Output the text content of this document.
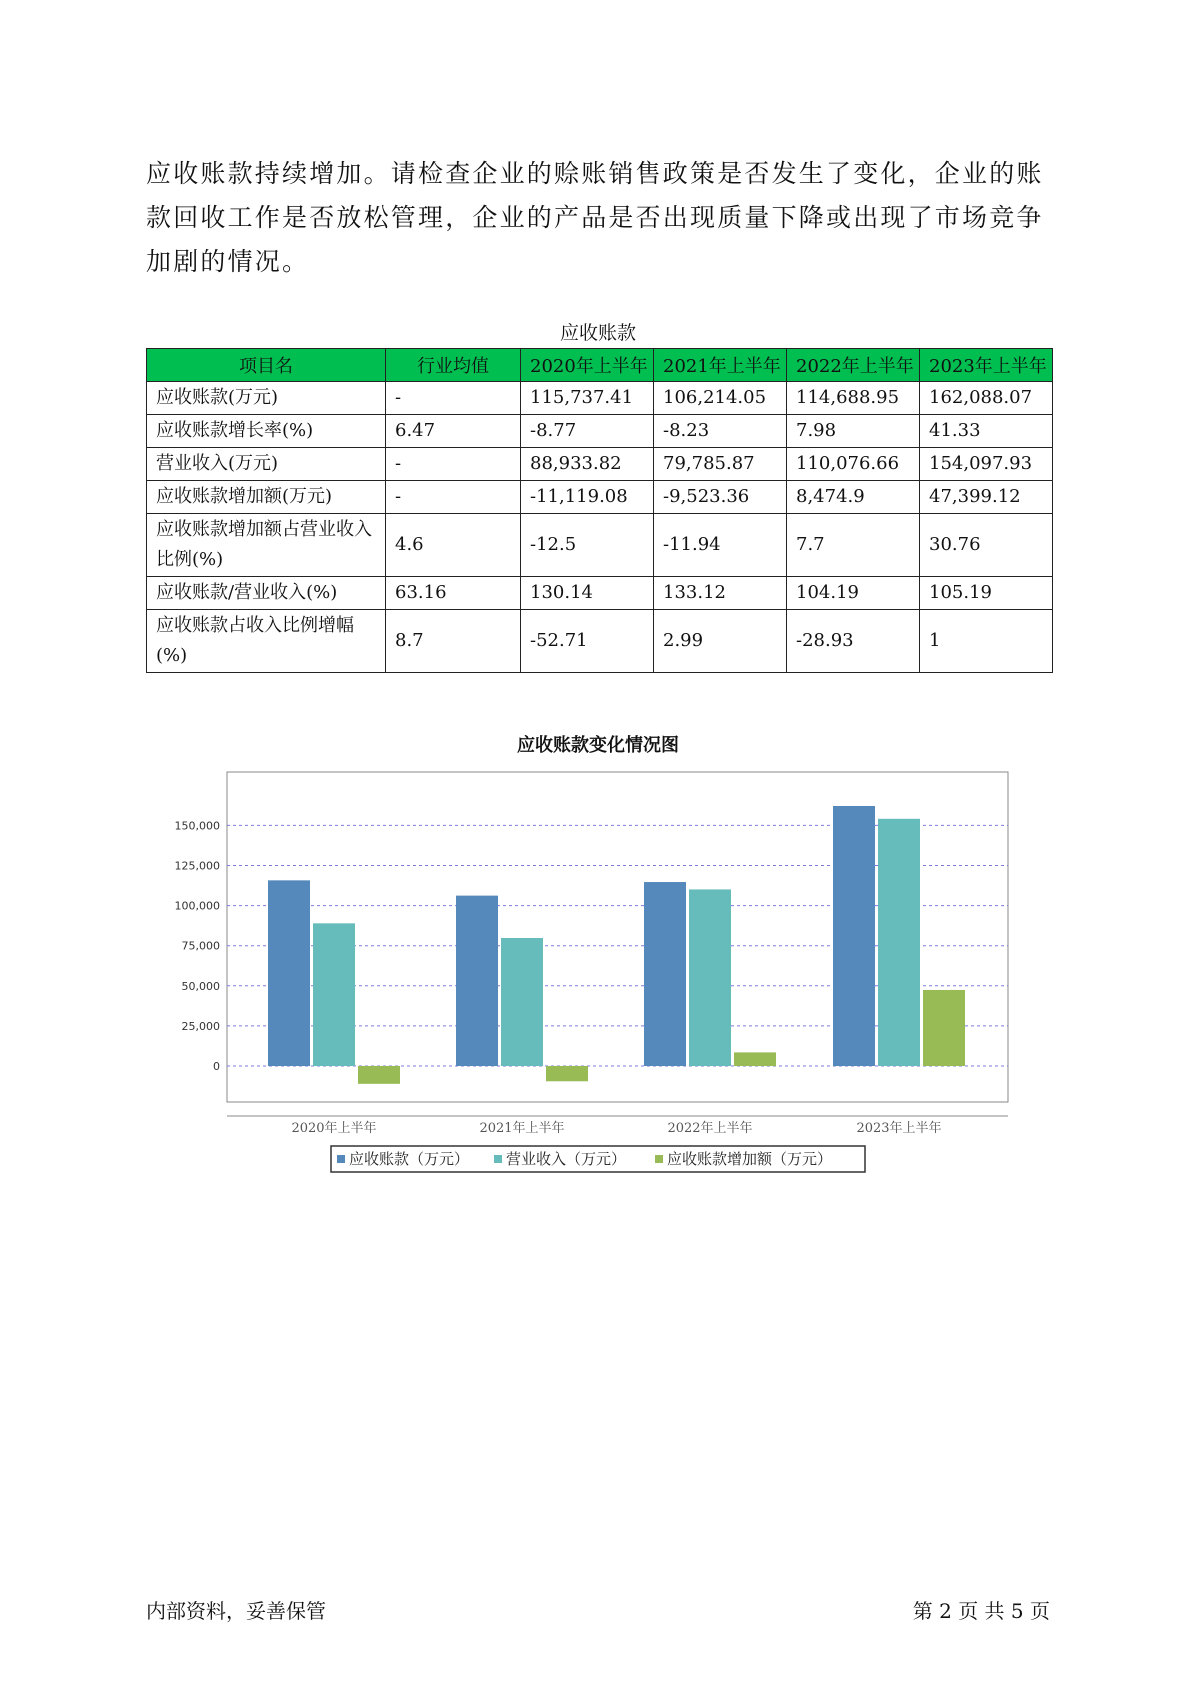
应收账款持续增加。请检查企业的赊账销售政策是否发生了变化，企业的账款回收工作是否放松管理，企业的产品是否出现质量下降或出现了市场竞争加剧的情况。

应收账款
项目名	行业均值	2020年上半年	2021年上半年	2022年上半年	2023年上半年
应收账款(万元)	-	115,737.41	106,214.05	114,688.95	162,088.07
应收账款增长率(%)	6.47	-8.77	-8.23	7.98	41.33
营业收入(万元)	-	88,933.82	79,785.87	110,076.66	154,097.93
应收账款增加额(万元)	-	-11,119.08	-9,523.36	8,474.9	47,399.12
应收账款增加额占营业收入比例(%)	4.6	-12.5	-11.94	7.7	30.76
应收账款/营业收入(%)	63.16	130.14	133.12	104.19	105.19
应收账款占收入比例增幅(%)	8.7	-52.71	2.99	-28.93	1
应收账款变化情况图
0
25,000
50,000
75,000
100,000
125,000
150,000
2020年上半年	2021年上半年	2022年上半年	2023年上半年
应收账款（万元） 营业收入（万元）	应收账款增加额（万元）
内部资料，妥善保管	第 2 页 共 5 页
